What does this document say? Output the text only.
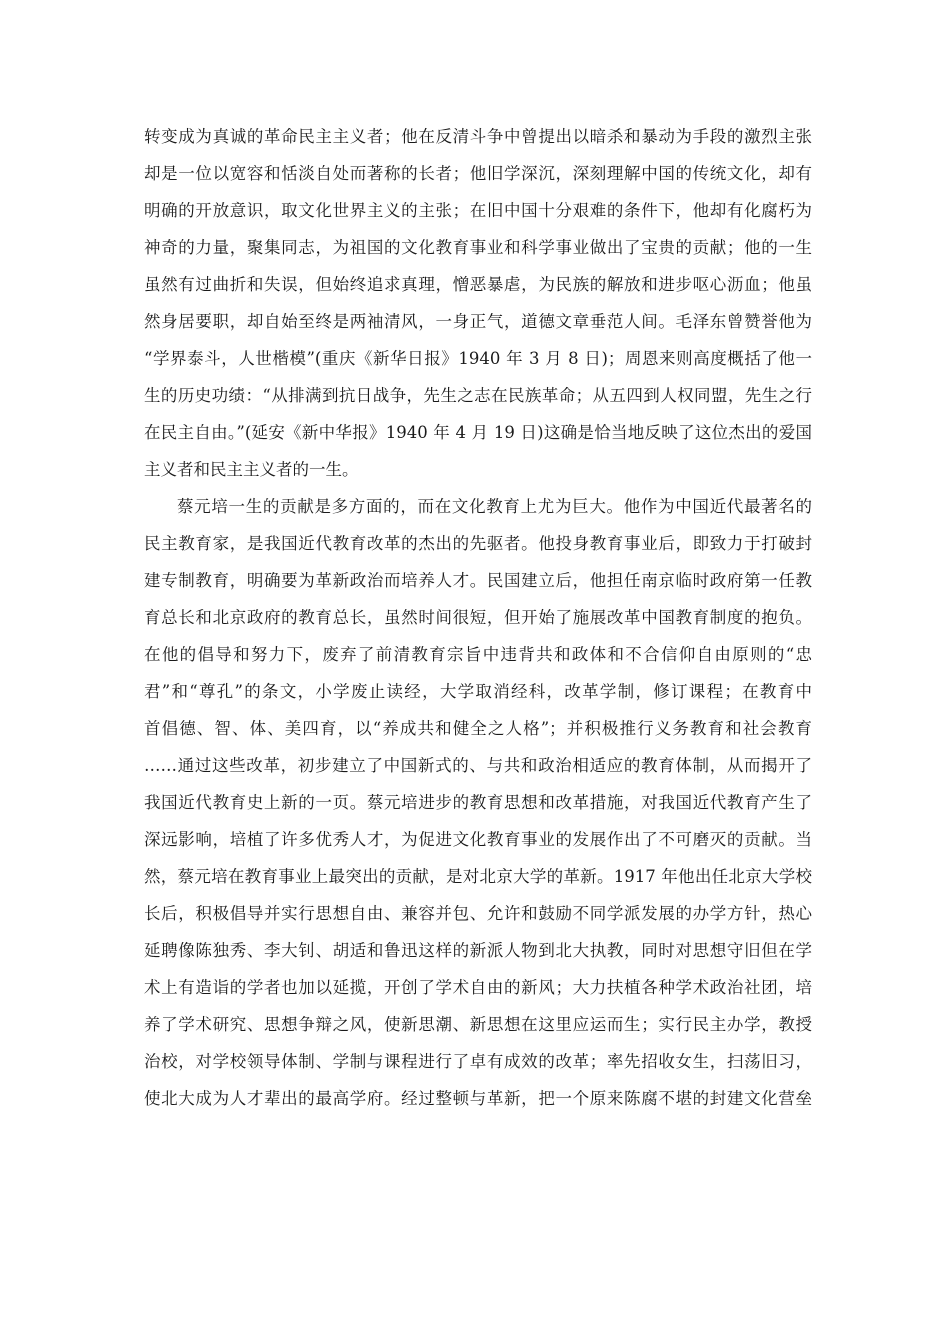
转变成为真诚的革命民主主义者；他在反清斗争中曾提出以暗杀和暴动为手段的激烈主张
却是一位以宽容和恬淡自处而著称的长者；他旧学深沉，深刻理解中国的传统文化，却有
明确的开放意识，取文化世界主义的主张；在旧中国十分艰难的条件下，他却有化腐朽为
神奇的力量，聚集同志，为祖国的文化教育事业和科学事业做出了宝贵的贡献；他的一生
虽然有过曲折和失误，但始终追求真理，憎恶暴虐，为民族的解放和进步呕心沥血；他虽
然身居要职，却自始至终是两袖清风，一身正气，道德文章垂范人间。毛泽东曾赞誉他为
“学界泰斗，人世楷模”(重庆《新华日报》1940 年 3 月 8 日)；周恩来则高度概括了他一
生的历史功绩：“从排满到抗日战争，先生之志在民族革命；从五四到人权同盟，先生之行
在民主自由。”(延安《新中华报》1940 年 4 月 19 日)这确是恰当地反映了这位杰出的爱国
主义者和民主主义者的一生。
蔡元培一生的贡献是多方面的，而在文化教育上尤为巨大。他作为中国近代最著名的
民主教育家，是我国近代教育改革的杰出的先驱者。他投身教育事业后，即致力于打破封
建专制教育，明确要为革新政治而培养人才。民国建立后，他担任南京临时政府第一任教
育总长和北京政府的教育总长，虽然时间很短，但开始了施展改革中国教育制度的抱负。
在他的倡导和努力下，废弃了前清教育宗旨中违背共和政体和不合信仰自由原则的“忠
君”和“尊孔”的条文，小学废止读经，大学取消经科，改革学制，修订课程；在教育中
首倡德、智、体、美四育，以“养成共和健全之人格”；并积极推行义务教育和社会教育
……通过这些改革，初步建立了中国新式的、与共和政治相适应的教育体制，从而揭开了
我国近代教育史上新的一页。蔡元培进步的教育思想和改革措施，对我国近代教育产生了
深远影响，培植了许多优秀人才，为促进文化教育事业的发展作出了不可磨灭的贡献。当
然，蔡元培在教育事业上最突出的贡献，是对北京大学的革新。1917 年他出任北京大学校
长后，积极倡导并实行思想自由、兼容并包、允许和鼓励不同学派发展的办学方针，热心
延聘像陈独秀、李大钊、胡适和鲁迅这样的新派人物到北大执教，同时对思想守旧但在学
术上有造诣的学者也加以延揽，开创了学术自由的新风；大力扶植各种学术政治社团，培
养了学术研究、思想争辩之风，使新思潮、新思想在这里应运而生；实行民主办学，教授
治校，对学校领导体制、学制与课程进行了卓有成效的改革；率先招收女生，扫荡旧习，
使北大成为人才辈出的最高学府。经过整顿与革新，把一个原来陈腐不堪的封建文化营垒
